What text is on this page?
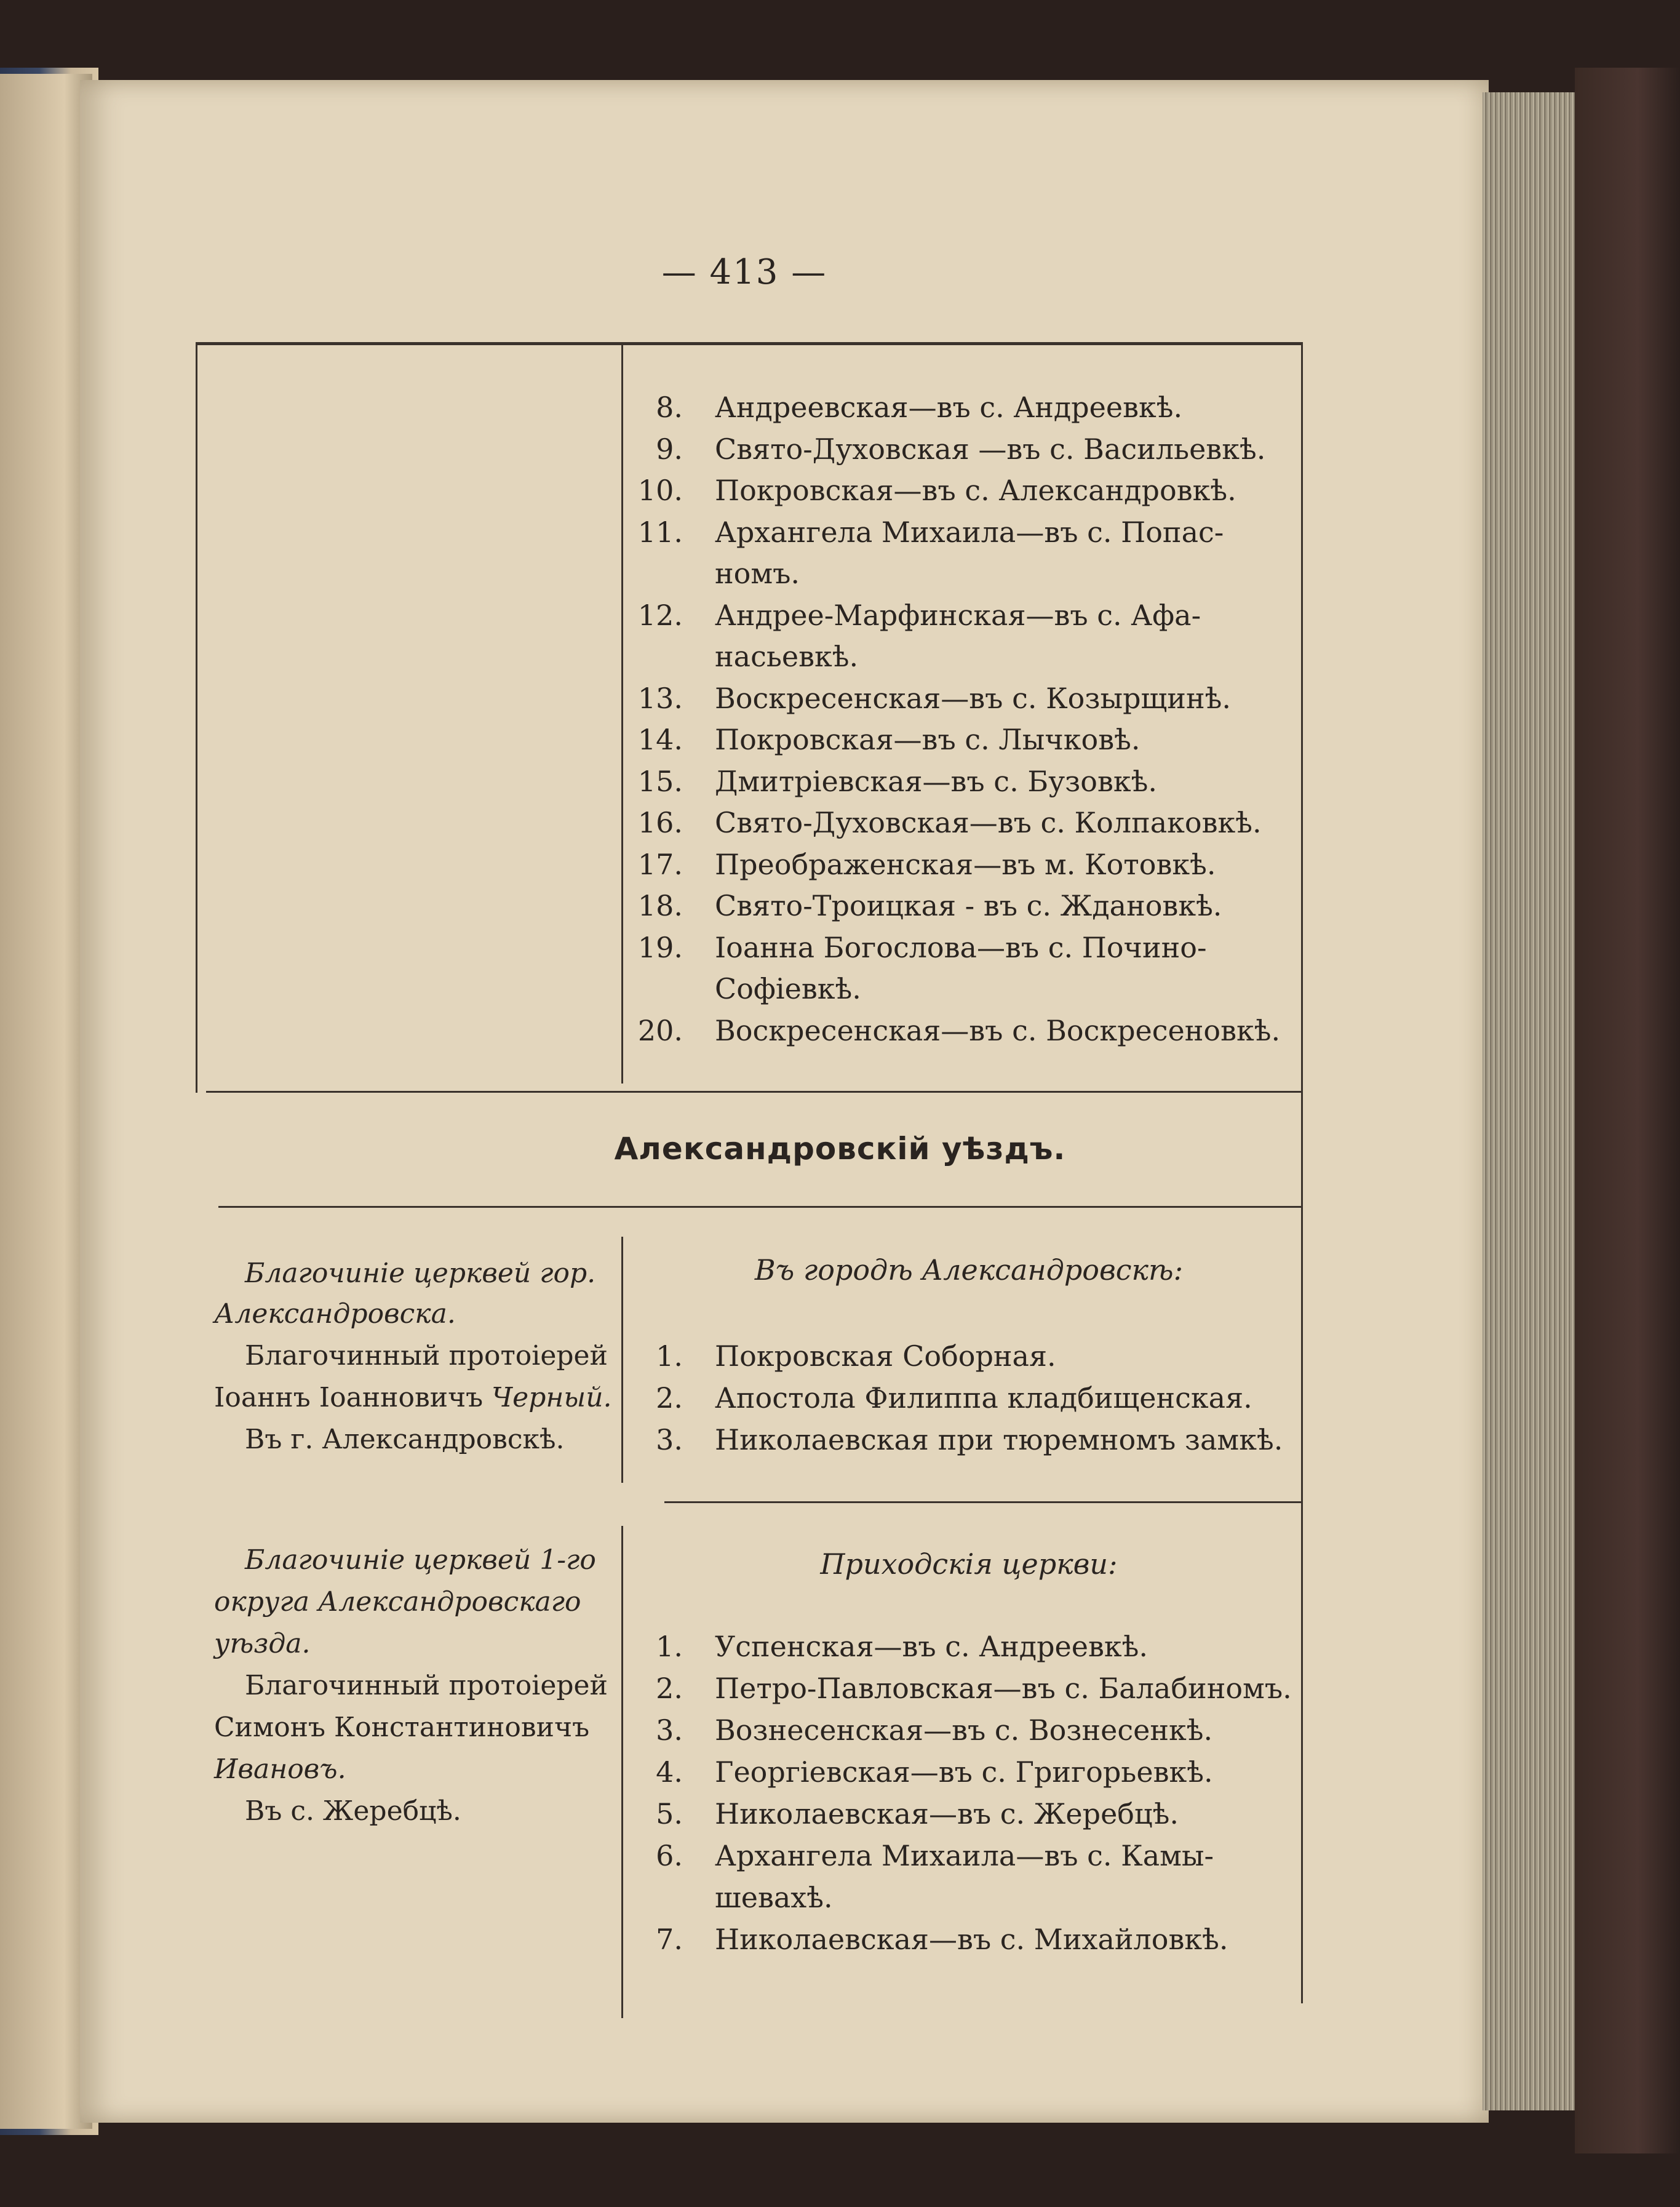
— 413 —
8. Андреевская—въ с. Андреевкѣ.
9. Свято-Духовская —въ с. Васильевкѣ.
10. Покровская—въ с. Александровкѣ.
11. Архангела Михаила—въ с. Попас-
номъ.
12. Андрее-Марфинская—въ с. Афа-
насьевкѣ.
13. Воскресенская—въ с. Козырщинѣ.
14. Покровская—въ с. Лычковѣ.
15. Дмитріевская—въ с. Бузовкѣ.
16. Свято-Духовская—въ с. Колпаковкѣ.
17. Преображенская—въ м. Котовкѣ.
18. Свято-Троицкая - въ с. Ждановкѣ.
19. Іоанна Богослова—въ с. Почино-
Софіевкѣ.
20. Воскресенская—въ с. Воскресеновкѣ.
Александровскій уѣздъ.
Благочиніе церквей гор.
Александровска.
Благочинный протоіерей
Іоаннъ Іоанновичъ Черный.
Въ г. Александровскѣ.
Въ городѣ Александровскѣ:
1. Покровская Соборная.
2. Апостола Филиппа кладбищенская.
3. Николаевская при тюремномъ замкѣ.
Благочиніе церквей 1-го
округа Александровскаго
уѣзда.
Благочинный протоіерей
Симонъ Константиновичъ
Ивановъ.
Въ с. Жеребцѣ.
Приходскія церкви:
1. Успенская—въ с. Андреевкѣ.
2. Петро-Павловская—въ с. Балабиномъ.
3. Вознесенская—въ с. Вознесенкѣ.
4. Георгіевская—въ с. Григорьевкѣ.
5. Николаевская—въ с. Жеребцѣ.
6. Архангела Михаила—въ с. Камы-
шевахѣ.
7. Николаевская—въ с. Михайловкѣ.
